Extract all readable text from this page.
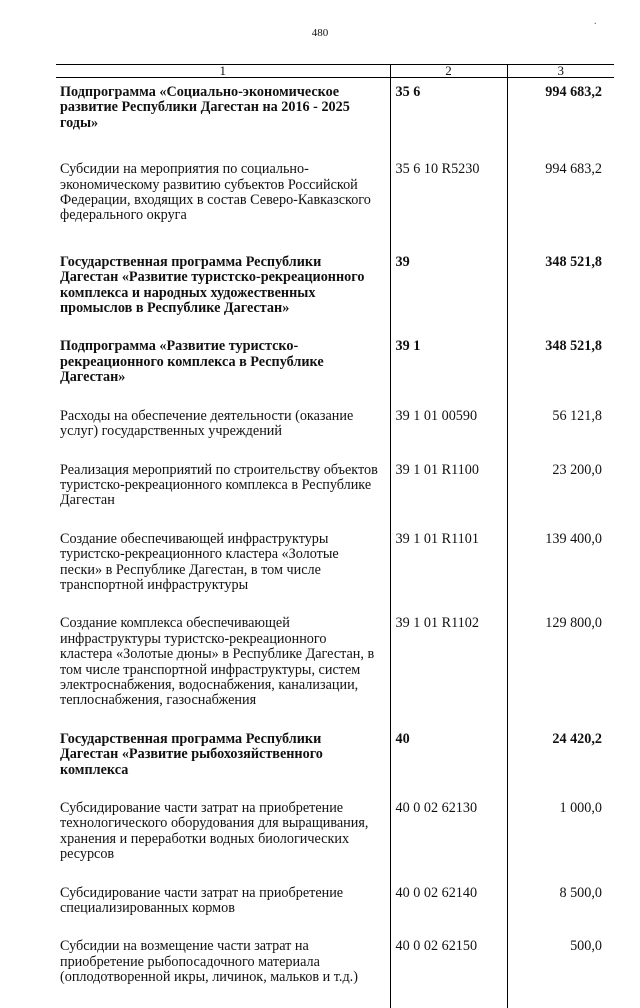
480
.
1	2	3
Подпрограмма «Социально-экономическое развитие Республики Дагестан на 2016 - 2025 годы»	35 6	994 683,2
Субсидии на мероприятия по социально-экономическому развитию субъектов Российской Федерации, входящих в состав Северо-Кавказского федерального округа	35 6 10 R5230	994 683,2
Государственная программа Республики Дагестан «Развитие туристско-рекреационного комплекса и народных художественных промыслов в Республике Дагестан»	39	348 521,8
Подпрограмма «Развитие туристско-рекреационного комплекса в Республике Дагестан»	39 1	348 521,8
Расходы на обеспечение деятельности (оказание услуг) государственных учреждений	39 1 01 00590	56 121,8
Реализация мероприятий по строительству объектов туристско-рекреационного комплекса в Республике Дагестан	39 1 01 R1100	23 200,0
Создание обеспечивающей инфраструктуры туристско-рекреационного кластера «Золотые пески» в Республике Дагестан, в том числе транспортной инфраструктуры	39 1 01 R1101	139 400,0
Создание комплекса обеспечивающей инфраструктуры туристско-рекреационного кластера «Золотые дюны» в Республике Дагестан, в том числе транспортной инфраструктуры, систем электроснабжения, водоснабжения, канализации, теплоснабжения, газоснабжения	39 1 01 R1102	129 800,0
Государственная программа Республики Дагестан «Развитие рыбохозяйственного комплекса	40	24 420,2
Субсидирование части затрат на приобретение технологического оборудования для выращивания, хранения и переработки водных биологических ресурсов	40 0 02 62130	1 000,0
Субсидирование части затрат на приобретение специализированных кормов	40 0 02 62140	8 500,0
Субсидии на возмещение части затрат на приобретение рыбопосадочного материала (оплодотворенной икры, личинок, мальков и т.д.)	40 0 02 62150	500,0
